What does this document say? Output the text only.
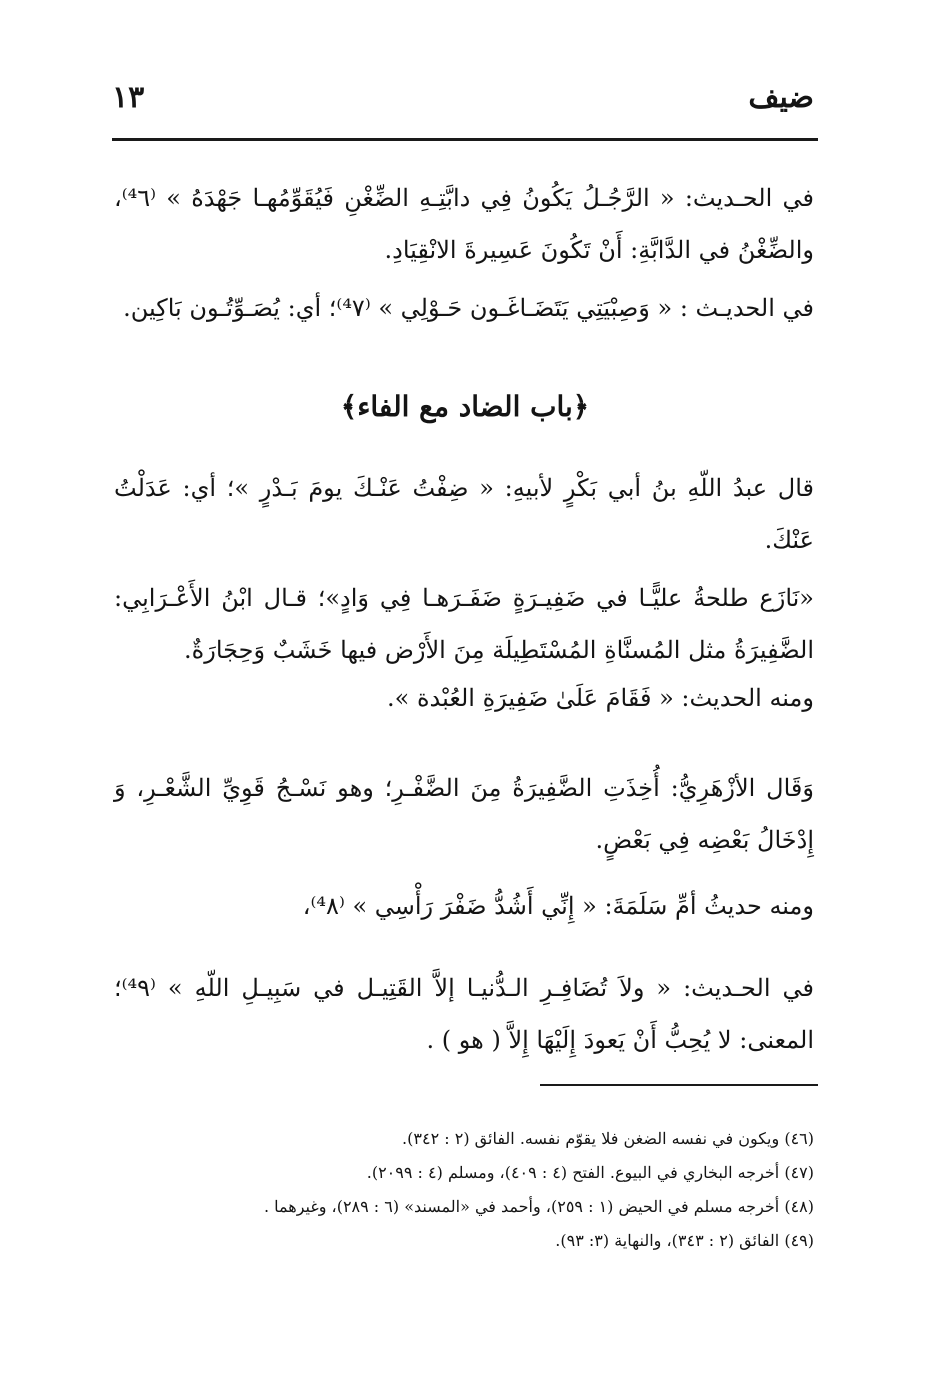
ضيف
١٣
في الحـديث: « الرَّجُـلُ يَكُونُ فِي دابَّتِـهِ الضِّغْنِ فَيُقَوِّمُهـا جَهْدَهُ » ⁽⁴٦⁾، والضِّغْنُ في الدَّابَّةِ: أَنْ تَكُونَ عَسِيرةَ الانْقِيَادِ.
في الحديـث : « وَصِبْيَتِي يَتَضَـاغَـون حَـوْلِي » ⁽⁴٧⁾؛ أي: يُصَـوِّتُـون بَاكِين.
﴿باب الضاد مع الفاء﴾
قال عبدُ اللّهِ بنُ أبي بَكْرٍ لأبيهِ: « ضِفْتُ عَنْـكَ يومَ بَـدْرٍ »؛ أي: عَدَلْتُ عَنْكَ.
«نَازَع طلحةُ عليًّـا في ضَفِيـرَةٍ ضَفَـرَهـا فِي وَادٍ»؛ قـال ابْنُ الأَعْـرَابِي: الضَّفِيرَةُ مثل المُسنَّاةِ المُسْتَطِيلَة مِنَ الأَرْض فيها خَشَبٌ وَحِجَارَةٌ.
ومنه الحديث: « فَقَامَ عَلَىٰ ضَفِيرَةِ العُبْدة ».
وَقَال الأزْهَرِيُّ: أُخِذَتِ الضَّفِيرَةُ مِنَ الضَّفْـرِ؛ وهو نَسْـجُ قَوِيِّ الشَّعْـرِ، وَ إِدْخَالُ بَعْضِه فِي بَعْضٍ.
ومنه حديثُ أمِّ سَلَمَةَ: « إِنِّي أَشُدُّ ضَفْرَ رَأْسِي » ⁽⁴٨⁾،
في الحـديث: « ولاَ تُضَافِـرِ الـدُّنيـا إلاَّ القَتِيـل في سَبِيـلِ اللّهِ » ⁽⁴٩⁾؛ المعنى: لا يُحِبُّ أَنْ يَعودَ إِلَيْهَا إِلاَّ ( هو ) .
(٤٦) ويكون في نفسه الضغن فلا يقوّم نفسه. الفائق (٢ : ٣٤٢).
(٤٧) أخرجه البخاري في البيوع. الفتح (٤ : ٤٠٩)، ومسلم (٤ : ٢٠٩٩).
(٤٨) أخرجه مسلم في الحيض (١ : ٢٥٩)، وأحمد في «المسند» (٦ : ٢٨٩)، وغيرهما .
(٤٩) الفائق (٢ : ٣٤٣)، والنهاية (٣: ٩٣).
